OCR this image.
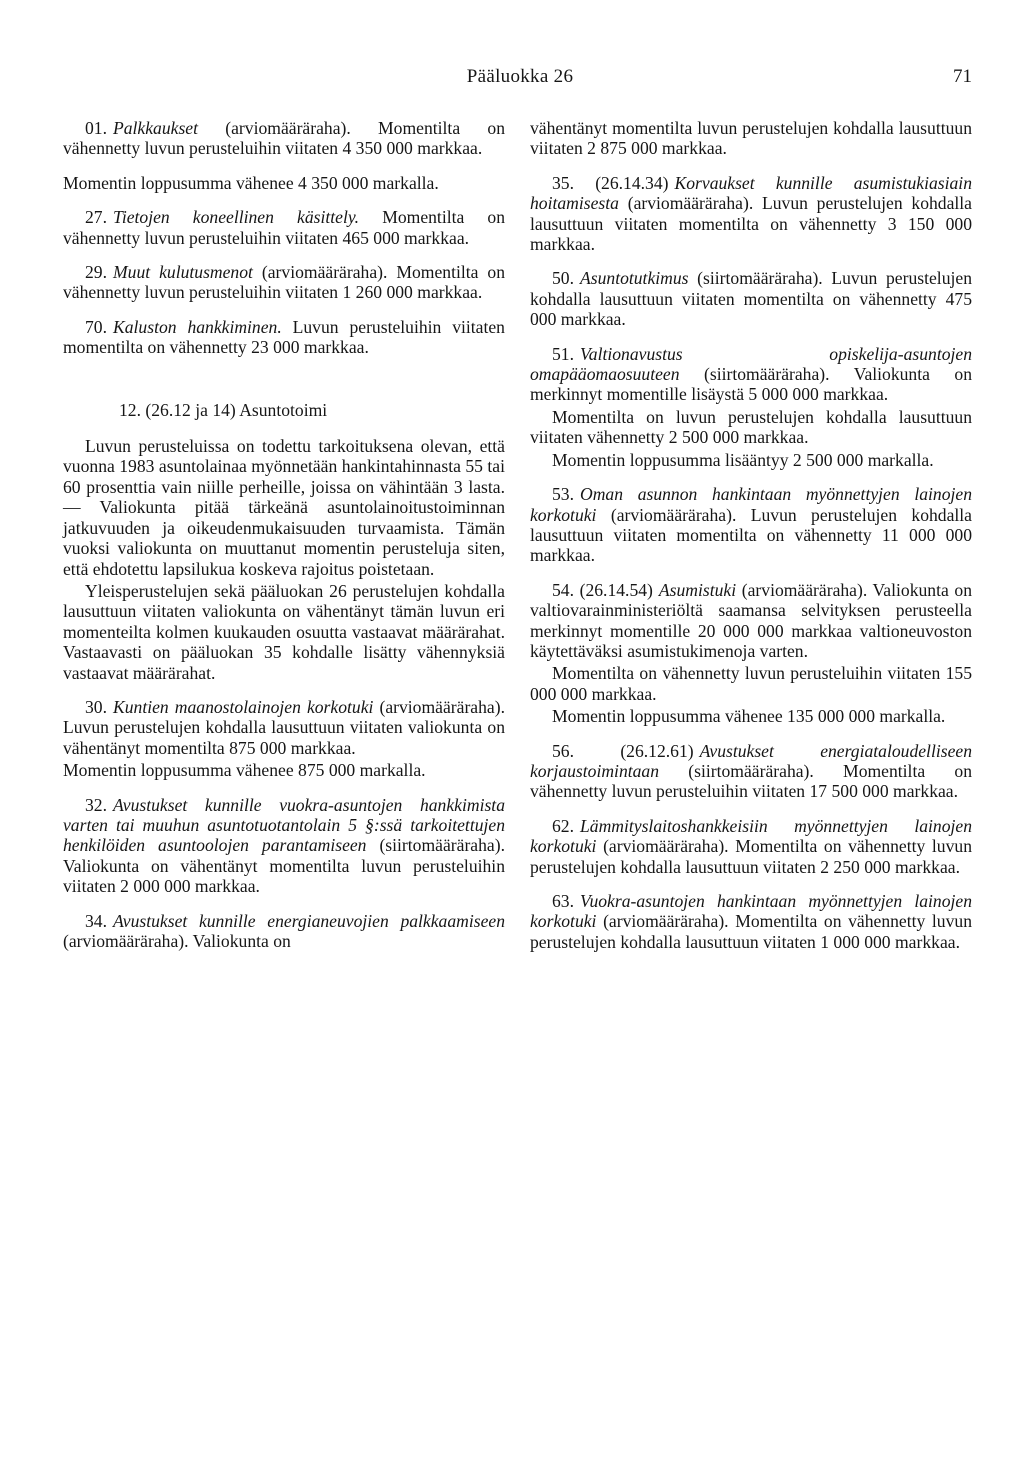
Pääluokka 26	71

01. Palkkaukset (arviomääräraha). Momentilta on vähennetty luvun perusteluihin viitaten 4 350 000 markkaa.

Momentin loppusumma vähenee 4 350 000 markalla.

27. Tietojen koneellinen käsittely. Momentilta on vähennetty luvun perusteluihin viitaten 465 000 markkaa.

29. Muut kulutusmenot (arviomääräraha). Momentilta on vähennetty luvun perusteluihin viitaten 1 260 000 markkaa.

70. Kaluston hankkiminen. Luvun perusteluihin viitaten momentilta on vähennetty 23 000 markkaa.

12. (26.12 ja 14) Asuntotoimi

Luvun perusteluissa on todettu tarkoituksena olevan, että vuonna 1983 asuntolainaa myönnetään hankintahinnasta 55 tai 60 prosenttia vain niille perheille, joissa on vähintään 3 lasta. — Valiokunta pitää tärkeänä asuntolainoitustoiminnan jatkuvuuden ja oikeudenmukaisuuden turvaamista. Tämän vuoksi valiokunta on muuttanut momentin perusteluja siten, että ehdotettu lapsilukua koskeva rajoitus poistetaan.

Yleisperustelujen sekä pääluokan 26 perustelujen kohdalla lausuttuun viitaten valiokunta on vähentänyt tämän luvun eri momenteilta kolmen kuukauden osuutta vastaavat määrärahat. Vastaavasti on pääluokan 35 kohdalle lisätty vähennyksiä vastaavat määrärahat.

30. Kuntien maanostolainojen korkotuki (arviomääräraha). Luvun perustelujen kohdalla lausuttuun viitaten valiokunta on vähentänyt momentilta 875 000 markkaa.

Momentin loppusumma vähenee 875 000 markalla.

32. Avustukset kunnille vuokra-asuntojen hankkimista varten tai muuhun asuntotuotantolain 5 §:ssä tarkoitettujen henkilöiden asuntoolojen parantamiseen (siirtomääräraha). Valiokunta on vähentänyt momentilta luvun perusteluihin viitaten 2 000 000 markkaa.

34. Avustukset kunnille energianeuvojien palkkaamiseen (arviomääräraha). Valiokunta on

vähentänyt momentilta luvun perustelujen kohdalla lausuttuun viitaten 2 875 000 markkaa.

35. (26.14.34) Korvaukset kunnille asumistukiasiain hoitamisesta (arviomääräraha). Luvun perustelujen kohdalla lausuttuun viitaten momentilta on vähennetty 3 150 000 markkaa.

50. Asuntotutkimus (siirtomääräraha). Luvun perustelujen kohdalla lausuttuun viitaten momentilta on vähennetty 475 000 markkaa.

51. Valtionavustus opiskelija-asuntojen omapääomaosuuteen (siirtomääräraha). Valiokunta on merkinnyt momentille lisäystä 5 000 000 markkaa.

Momentilta on luvun perustelujen kohdalla lausuttuun viitaten vähennetty 2 500 000 markkaa.

Momentin loppusumma lisääntyy 2 500 000 markalla.

53. Oman asunnon hankintaan myönnettyjen lainojen korkotuki (arviomääräraha). Luvun perustelujen kohdalla lausuttuun viitaten momentilta on vähennetty 11 000 000 markkaa.

54. (26.14.54) Asumistuki (arviomääräraha). Valiokunta on valtiovarainministeriöltä saamansa selvityksen perusteella merkinnyt momentille 20 000 000 markkaa valtioneuvoston käytettäväksi asumistukimenoja varten.

Momentilta on vähennetty luvun perusteluihin viitaten 155 000 000 markkaa.

Momentin loppusumma vähenee 135 000 000 markalla.

56. (26.12.61) Avustukset energiataloudelliseen korjaustoimintaan (siirtomääräraha). Momentilta on vähennetty luvun perusteluihin viitaten 17 500 000 markkaa.

62. Lämmityslaitoshankkeisiin myönnettyjen lainojen korkotuki (arviomääräraha). Momentilta on vähennetty luvun perustelujen kohdalla lausuttuun viitaten 2 250 000 markkaa.

63. Vuokra-asuntojen hankintaan myönnettyjen lainojen korkotuki (arviomääräraha). Momentilta on vähennetty luvun perustelujen kohdalla lausuttuun viitaten 1 000 000 markkaa.
